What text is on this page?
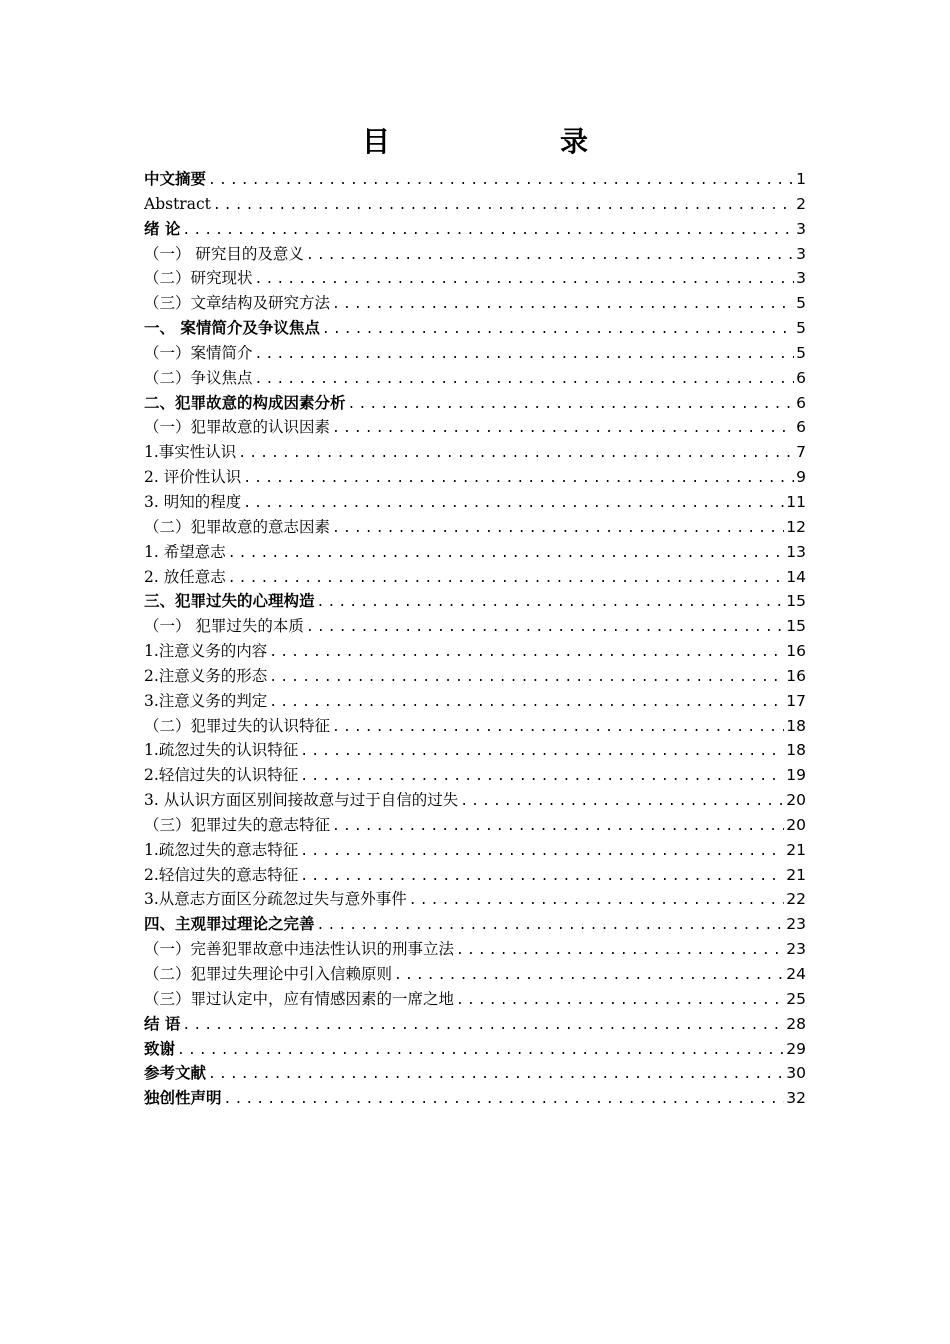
目　　录
中文摘要 .....	1
Abstract .....	2
绪 论 .....	3
（一） 研究目的及意义 .....	3
（二）研究现状 .....	3
（三）文章结构及研究方法 .....	5
一、 案情简介及争议焦点 .....	5
（一）案情简介 .....	5
（二）争议焦点 .....	6
二、犯罪故意的构成因素分析 .....	6
（一）犯罪故意的认识因素 .....	6
1.事实性认识 .....	7
2. 评价性认识 .....	9
3. 明知的程度 .....	11
（二）犯罪故意的意志因素 .....	12
1. 希望意志 .....	13
2. 放任意志 .....	14
三、犯罪过失的心理构造 .....	15
（一） 犯罪过失的本质 .....	15
1.注意义务的内容 .....	16
2.注意义务的形态 .....	16
3.注意义务的判定 .....	17
（二）犯罪过失的认识特征 .....	18
1.疏忽过失的认识特征 .....	18
2.轻信过失的认识特征 .....	19
3. 从认识方面区别间接故意与过于自信的过失 .....	20
（三）犯罪过失的意志特征 .....	20
1.疏忽过失的意志特征 .....	21
2.轻信过失的意志特征 .....	21
3.从意志方面区分疏忽过失与意外事件 .....	22
四、主观罪过理论之完善 .....	23
（一）完善犯罪故意中违法性认识的刑事立法 .....	23
（二）犯罪过失理论中引入信赖原则 .....	24
（三）罪过认定中，应有情感因素的一席之地 .....	25
结 语 .....	28
致谢 .....	29
参考文献 .....	30
独创性声明 .....	32
